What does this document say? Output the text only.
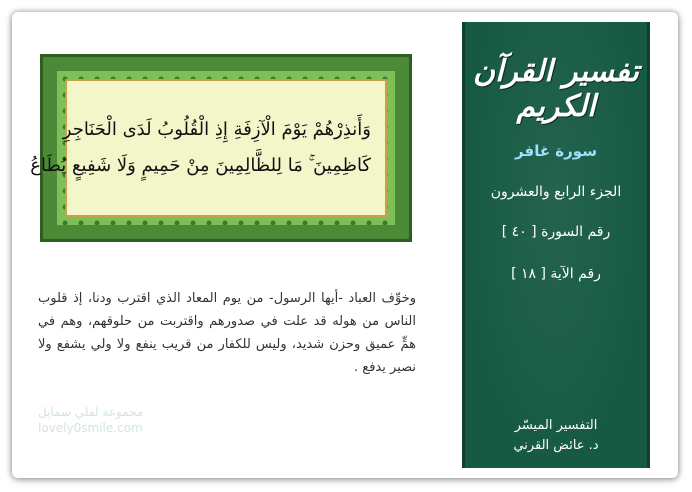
وَأَنذِرْهُمْ يَوْمَ الْآزِفَةِ إِذِ الْقُلُوبُ لَدَى الْحَنَاجِرِ
كَاظِمِينَ ۚ مَا لِلظَّالِمِينَ مِنْ حَمِيمٍ وَلَا شَفِيعٍ يُطَاعُ
وخوِّف العباد -أيها الرسول- من يوم المعاد الذي اقترب ودنا، إذ قلوب الناس من هوله قد علت في صدورهم واقتربت من حلوقهم، وهم في همٍّ عميق وحزن شديد، وليس للكفار من قريب ينفع ولا ولي يشفع ولا نصير يدفع .
مجموعة لفلي سمايل
lovely0smile.com
تفسير القرآن الكريم
سورة غافر
الجزء الرابع والعشرون
رقم السورة [ ٤٠ ]
رقم الآية [ ١٨ ]
التفسير الميسّر
د. عائض القرني
